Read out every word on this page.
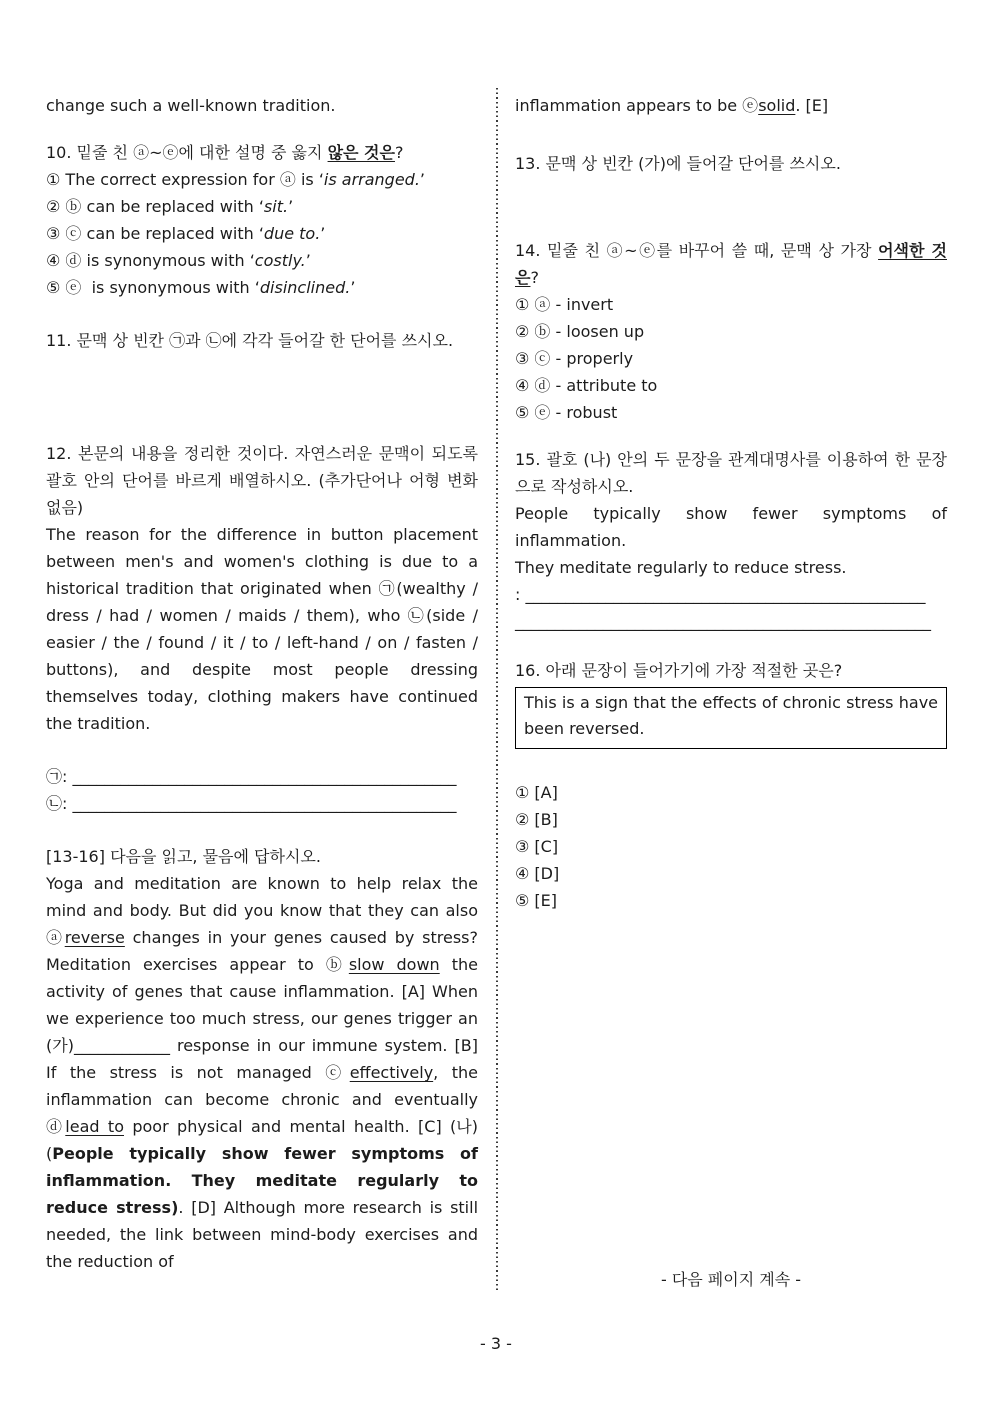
change such a well-known tradition.

10. 밑줄 친 ⓐ~ⓔ에 대한 설명 중 옳지 않은 것은?

① The correct expression for ⓐ is ‘is arranged.’

② ⓑ can be replaced with ‘sit.’

③ ⓒ can be replaced with ‘due to.’

④ ⓓ is synonymous with ‘costly.’

⑤ ⓔ  is synonymous with ‘disinclined.’

11. 문맥 상 빈칸 ㉠과 ㉡에 각각 들어갈 한 단어를 쓰시오.

12. 본문의 내용을 정리한 것이다. 자연스러운 문맥이 되도록 괄호 안의 단어를 바르게 배열하시오. (추가단어나 어형 변화 없음)

The reason for the difference in button placement between men's and women's clothing is due to a historical tradition that originated when ㉠(wealthy / dress / had / women / maids / them), who ㉡(side / easier / the / found / it / to / left-hand / on / fasten / buttons), and despite most people dressing themselves today, clothing makers have continued the tradition.

㉠: ________________________________________________

㉡: ________________________________________________

[13-16] 다음을 읽고, 물음에 답하시오.

Yoga and meditation are known to help relax the mind and body. But did you know that they can also ⓐreverse changes in your genes caused by stress? Meditation exercises appear to ⓑslow down the activity of genes that cause inflammation. [A] When we experience too much stress, our genes trigger an (가)____________ response in our immune system. [B] If the stress is not managed ⓒeffectively, the inflammation can become chronic and eventually ⓓlead to poor physical and mental health. [C] (나)(People typically show fewer symptoms of inflammation. They meditate regularly to reduce stress). [D] Although more research is still needed, the link between mind-body exercises and the reduction of

inflammation appears to be ⓔsolid. [E]

13. 문맥 상 빈칸 (가)에 들어갈 단어를 쓰시오.

14. 밑줄 친 ⓐ~ⓔ를 바꾸어 쓸 때, 문맥 상 가장 어색한 것은?

① ⓐ - invert

② ⓑ - loosen up

③ ⓒ - properly

④ ⓓ - attribute to

⑤ ⓔ - robust

15. 괄호 (나) 안의 두 문장을 관계대명사를 이용하여 한 문장으로 작성하시오.

People typically show fewer symptoms of inflammation.

They meditate regularly to reduce stress.

: __________________________________________________

____________________________________________________

16. 아래 문장이 들어가기에 가장 적절한 곳은?

This is a sign that the effects of chronic stress have been reversed.

① [A]

② [B]

③ [C]

④ [D]

⑤ [E]

- 다음 페이지 계속 -
- 3 -
